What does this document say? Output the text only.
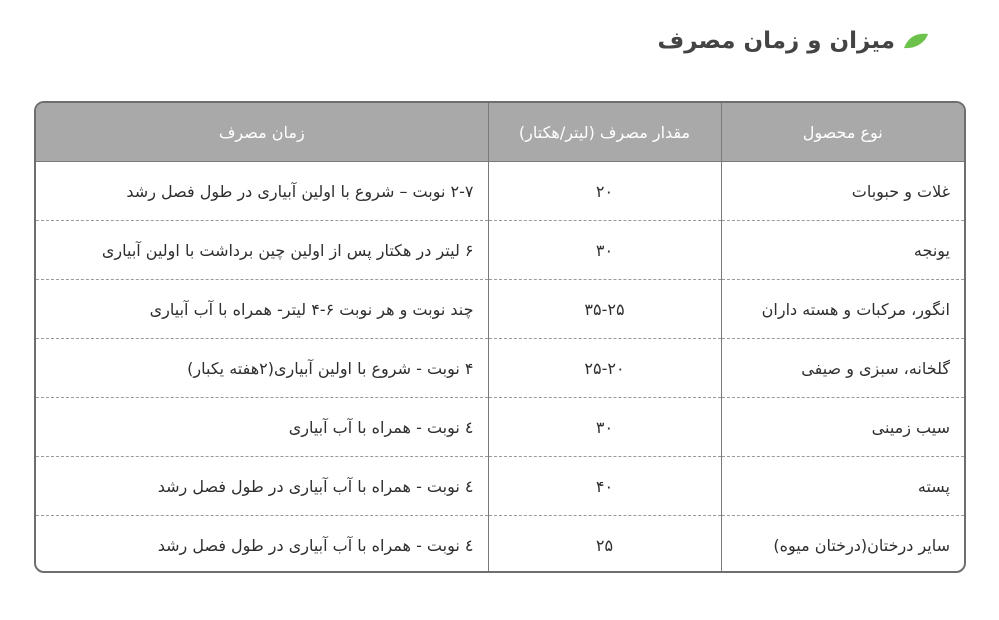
میزان و زمان مصرف
نوع محصول	مقدار مصرف (لیتر/هکتار)	زمان مصرف
غلات و حبوبات	۲۰	۲-۷ نوبت – شروع با اولین آبیاری در طول فصل رشد
یونجه	۳۰	۶ لیتر در هکتار پس از اولین چین برداشت با اولین آبیاری
انگور، مرکبات و هسته داران	۳۵-۲۵	چند نوبت و هر نوبت ۶-۴ لیتر- همراه با آب آبیاری
گلخانه، سبزی و صیفی	۲۵-۲۰	۴ نوبت - شروع با اولین آبیاری(۲هفته یکبار)
سیب زمینی	۳۰	٤ نوبت - همراه با آب آبیاری
پسته	۴۰	٤ نوبت - همراه با آب آبیاری در طول فصل رشد
سایر درختان(درختان میوه)	۲۵	٤ نوبت - همراه با آب آبیاری در طول فصل رشد
